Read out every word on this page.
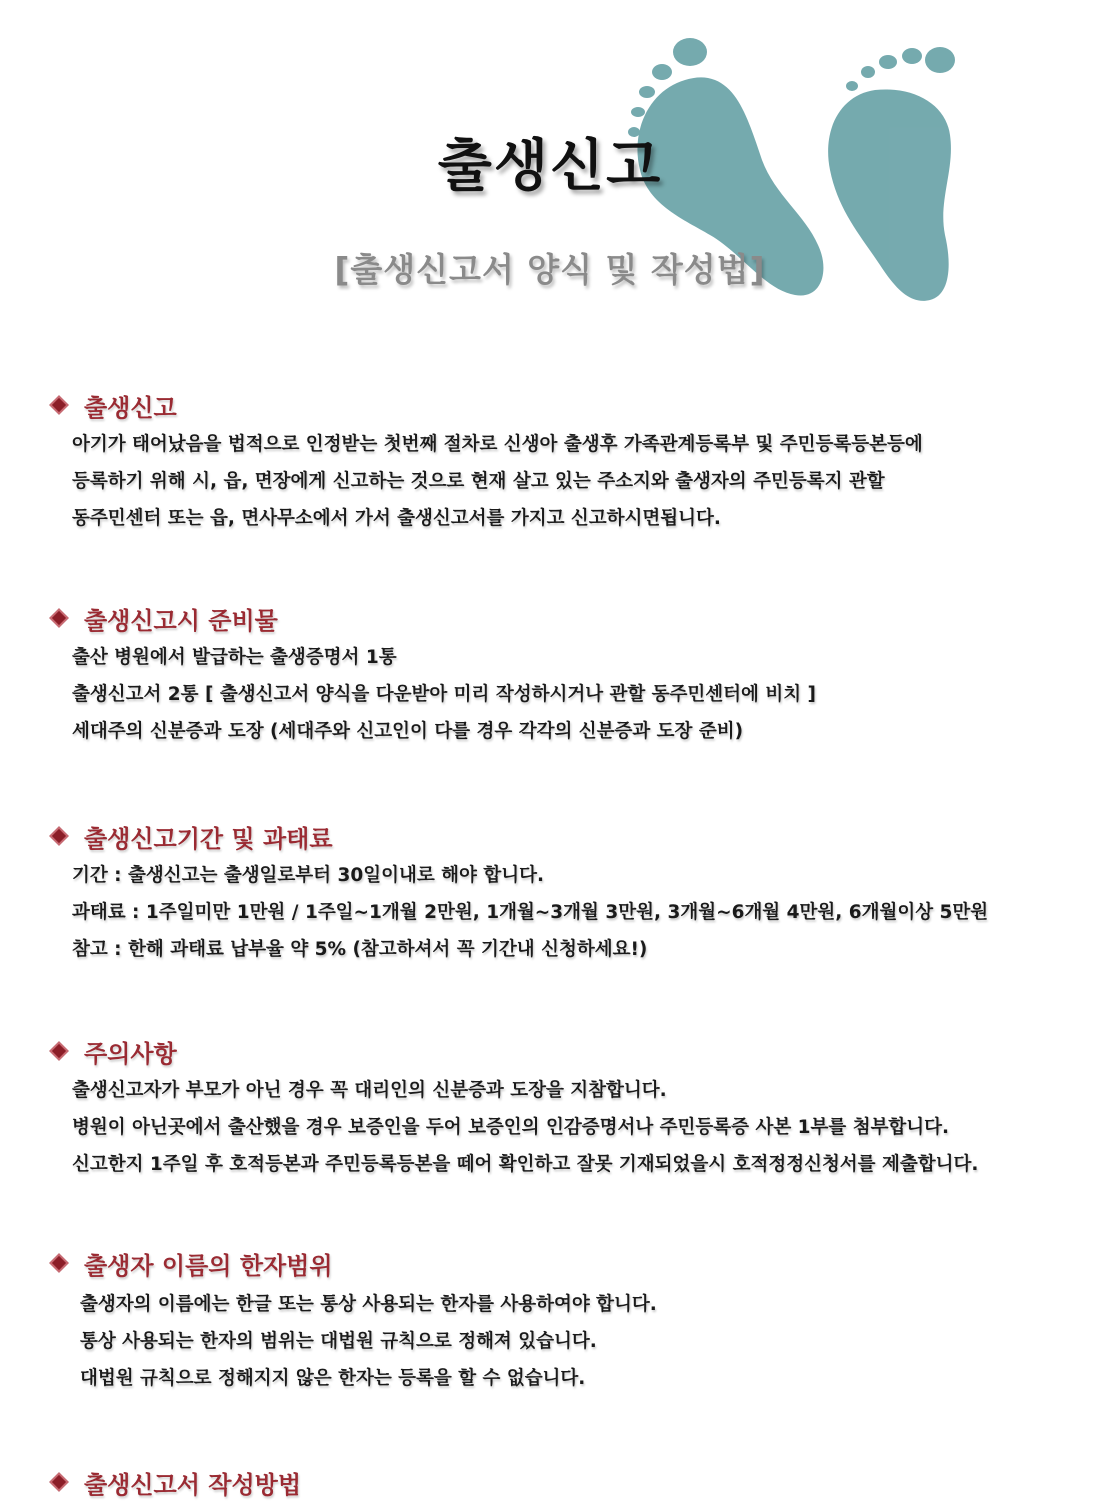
출생신고
[출생신고서 양식 및 작성법]
출생신고
아기가 태어났음을 법적으로 인정받는 첫번째 절차로 신생아 출생후 가족관계등록부 및 주민등록등본등에
등록하기 위해 시, 읍, 면장에게 신고하는 것으로 현재 살고 있는 주소지와 출생자의 주민등록지 관할
동주민센터 또는 읍, 면사무소에서 가서 출생신고서를 가지고 신고하시면됩니다.
출생신고시 준비물
출산 병원에서 발급하는 출생증명서 1통
출생신고서 2통 [ 출생신고서 양식을 다운받아 미리 작성하시거나 관할 동주민센터에 비치 ]
세대주의 신분증과 도장 (세대주와 신고인이 다를 경우 각각의 신분증과 도장 준비)
출생신고기간 및 과태료
기간 : 출생신고는 출생일로부터 30일이내로 해야 합니다.
과태료 : 1주일미만 1만원 / 1주일~1개월 2만원, 1개월~3개월 3만원, 3개월~6개월 4만원, 6개월이상 5만원
참고 : 한해 과태료 납부율 약 5% (참고하셔서 꼭 기간내 신청하세요!)
주의사항
출생신고자가 부모가 아닌 경우 꼭 대리인의 신분증과 도장을 지참합니다.
병원이 아닌곳에서 출산했을 경우 보증인을 두어 보증인의 인감증명서나 주민등록증 사본 1부를 첨부합니다.
신고한지 1주일 후 호적등본과 주민등록등본을 떼어 확인하고 잘못 기재되었을시 호적정정신청서를 제출합니다.
출생자 이름의 한자범위
출생자의 이름에는 한글 또는 통상 사용되는 한자를 사용하여야 합니다.
통상 사용되는 한자의 범위는 대법원 규칙으로 정해져 있습니다.
대법원 규칙으로 정해지지 않은 한자는 등록을 할 수 없습니다.
출생신고서 작성방법
